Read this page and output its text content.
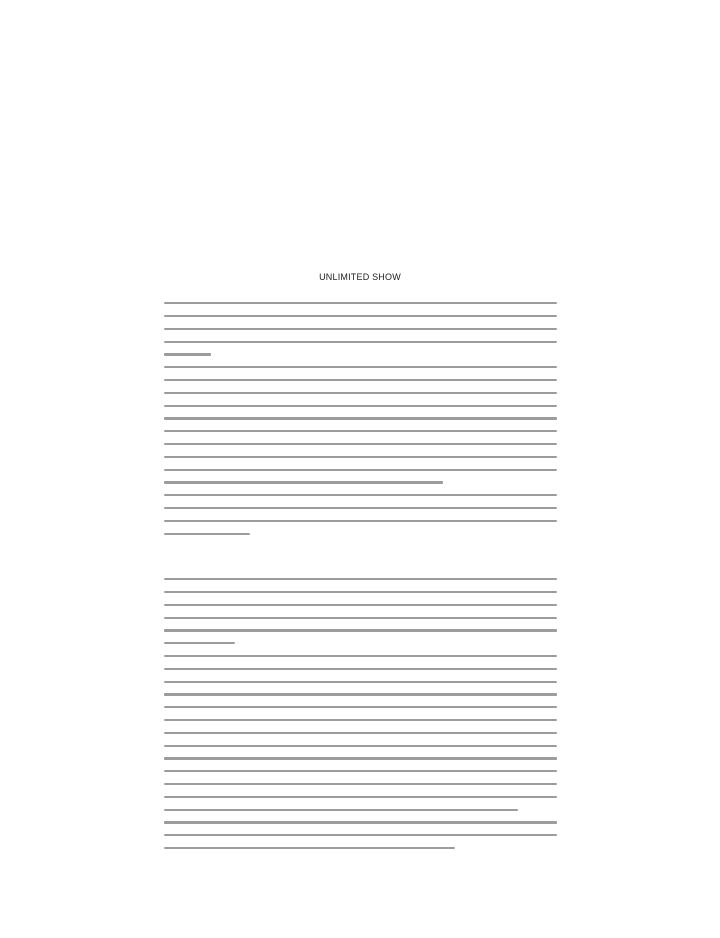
UNLIMITED SHOW
